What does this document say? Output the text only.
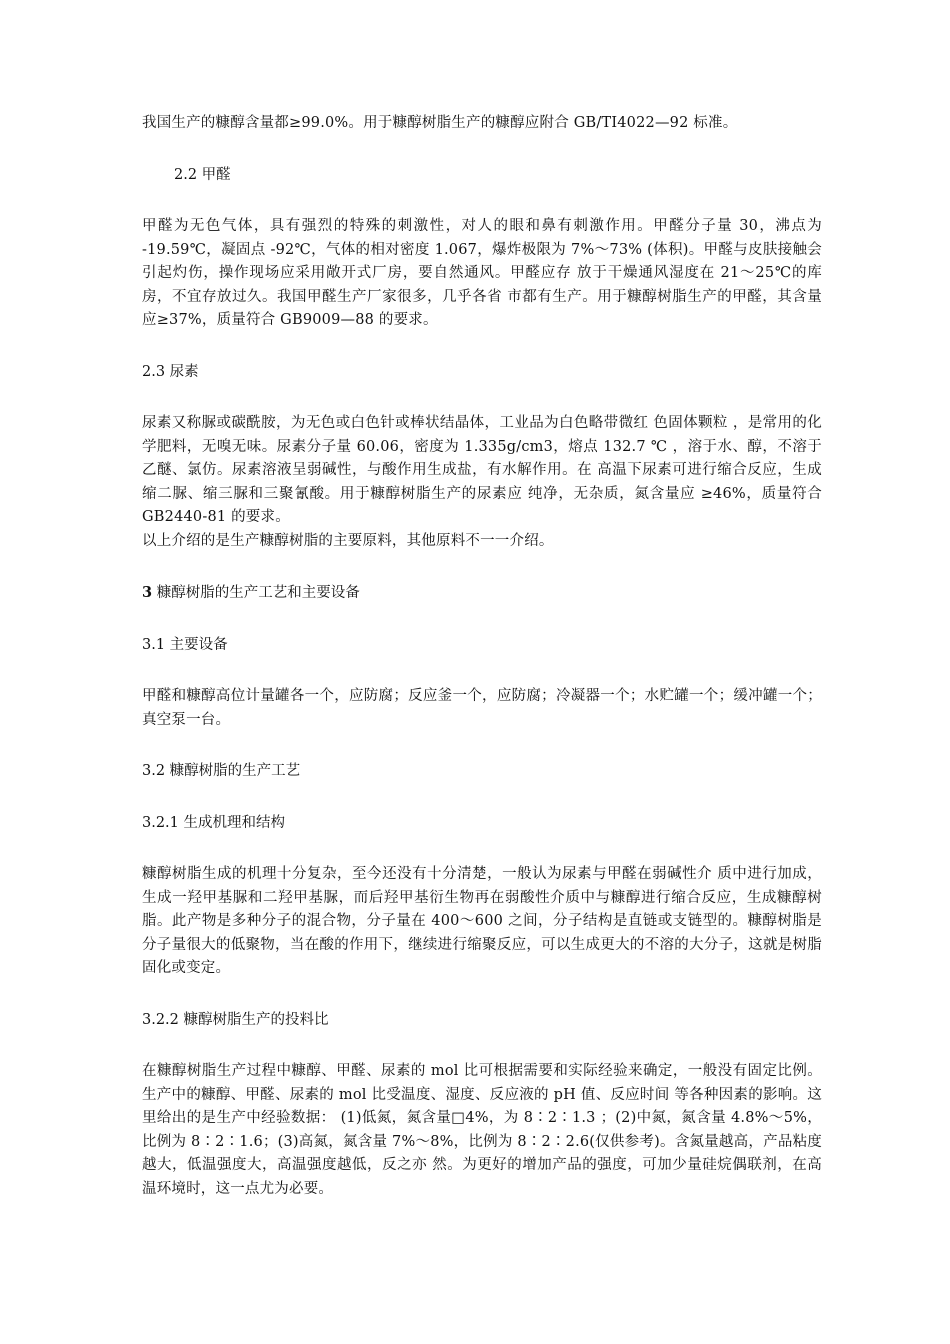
我国生产的糠醇含量都≥99.0%。用于糠醇树脂生产的糠醇应附合 GB/TI4022—92 标准。

2.2 甲醛

甲醛为无色气体，具有强烈的特殊的刺激性，对人的眼和鼻有刺激作用。甲醛分子量 30，沸点为 -19.59℃，凝固点 -92℃，气体的相对密度 1.067，爆炸极限为 7%～73% (体积)。甲醛与皮肤接触会引起灼伤，操作现场应采用敞开式厂房，要自然通风。甲醛应存 放于干燥通风湿度在 21～25℃的库房，不宜存放过久。我国甲醛生产厂家很多，几乎各省 市都有生产。用于糠醇树脂生产的甲醛，其含量应≥37%，质量符合 GB9009—88 的要求。

2.3 尿素

尿素又称脲或碳酰胺，为无色或白色针或棒状结晶体，工业品为白色略带微红 色固体颗粒 ，是常用的化学肥料，无嗅无味。尿素分子量 60.06，密度为 1.335g/cm3，熔点 132.7 ℃ ，溶于水、醇，不溶于乙醚、氯仿。尿素溶液呈弱碱性，与酸作用生成盐，有水解作用。在 高温下尿素可进行缩合反应，生成缩二脲、缩三脲和三聚氰酸。用于糠醇树脂生产的尿素应 纯净，无杂质，氮含量应 ≥46%，质量符合 GB2440-81 的要求。

以上介绍的是生产糠醇树脂的主要原料，其他原料不一一介绍。

3 糠醇树脂的生产工艺和主要设备
3.1 主要设备

甲醛和糠醇高位计量罐各一个，应防腐；反应釜一个，应防腐；冷凝器一个；水贮罐一个；缓冲罐一个；真空泵一台。

3.2 糠醇树脂的生产工艺
3.2.1 生成机理和结构

糠醇树脂生成的机理十分复杂，至今还没有十分清楚，一般认为尿素与甲醛在弱碱性介 质中进行加成，生成一羟甲基脲和二羟甲基脲，而后羟甲基衍生物再在弱酸性介质中与糠醇进行缩合反应，生成糠醇树脂。此产物是多种分子的混合物，分子量在 400～600 之间，分子结构是直链或支链型的。糠醇树脂是分子量很大的低聚物，当在酸的作用下，继续进行缩聚反应，可以生成更大的不溶的大分子，这就是树脂固化或变定。

3.2.2 糠醇树脂生产的投料比

在糠醇树脂生产过程中糠醇、甲醛、尿素的 mol 比可根据需要和实际经验来确定，一般没有固定比例。生产中的糠醇、甲醛、尿素的 mol 比受温度、湿度、反应液的 pH 值、反应时间 等各种因素的影响。这里给出的是生产中经验数据： (1)低氮，氮含量□4%，为 8∶2∶1.3 ；(2)中氮，氮含量 4.8%～5%，比例为 8∶2∶1.6；(3)高氮，氮含量 7%～8%，比例为 8∶2∶2.6(仅供参考)。含氮量越高，产品粘度越大，低温强度大，高温强度越低，反之亦 然。为更好的增加产品的强度，可加少量硅烷偶联剂，在高温环境时，这一点尤为必要。
